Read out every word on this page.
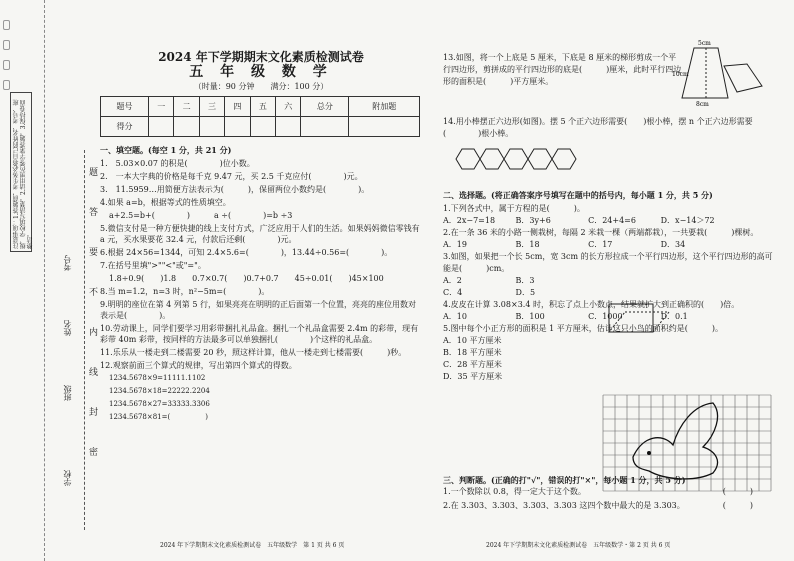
注意事项：1.答题前，考生务必将自己的姓名、考号、班级、学校填写清楚。2.请用黑色签字笔答题。3.保持卷面整洁。
学校
班级
姓名
考号
题
答
要
不
内
线
封
密
2024 年下学期期末文化素质检测试卷
五 年 级 数 学
（时量：90 分钟　　满分：100 分）
题号	一	二	三	四	五	六	总分	附加题
得分								
一、填空题。(每空 1 分，共 21 分)
1.　5.03×0.07 的积是(　　　　)位小数。
2.　一本大字典的价格是每千克 9.47 元，买 2.5 千克应付(　　　　)元。
3.　11.5959…用简便方法表示为(　　　)，保留两位小数约是(　　　　)。
4.如果 a=b，根据等式的性质填空。
a+2.5=b+(　　　　)　　　a ÷(　　　　)=b ÷3
5.微信支付是一种方便快捷的线上支付方式，广泛应用于人们的生活。如果妈妈微信零钱有 a 元，买水果要花 32.4 元，付款后还剩(　　　　)元。
6.根据 24×56=1344，可知 2.4×5.6=(　　　　)，13.44÷0.56=(　　　　)。
7.在括号里填">""<"或"="。
1.8÷0.9(　　)1.8　　0.7×0.7(　　)0.7+0.7　　45÷0.01(　　)45×100
8.当 m=1.2，n=3 时，n²−5m=(　　　　)。
9.明明的座位在第 4 列第 5 行，如果亮亮在明明的正后面第一个位置，亮亮的座位用数对表示是(　　　　)。
10.劳动课上，同学们要学习用彩带捆扎礼品盒。捆扎一个礼品盒需要 2.4m 的彩带，现有彩带 40m 彩带，按同样的方法最多可以单独捆扎(　　　　)个这样的礼品盒。
11.乐乐从一楼走到二楼需要 20 秒，照这样计算，他从一楼走到七楼需要(　　　)秒。
12.观察前面三个算式的规律，写出第四个算式的得数。
1234.5678×9=11111.1102
1234.5678×18=22222.2204
1234.5678×27=33333.3306
1234.5678×81=(　　　　　)
2024 年下学期期末文化素质检测试卷　五年级数学　第 1 页 共 6 页
13.如图，将一个上底是 5 厘米，下底是 8 厘米的梯形剪成一个平行四边形，剪拼成的平行四边形的底是(　　　)厘米，此时平行四边形的面积是(　　　)平方厘米。
5cm
10cm
8cm
14.用小棒摆正六边形(如图)。摆 5 个正六边形需要(　　)根小棒，摆 n 个正六边形需要(　　　　)根小棒。
二、选择题。(将正确答案序号填写在题中的括号内，每小题 1 分，共 5 分)
1.下列各式中，属于方程的是(　　　)。
A．2x−7=18	B．3y+6	C．24+4=6	D．x−14＞72
2.在一条 36 米的小路一侧栽树，每隔 2 米栽一棵（两端都栽），一共要栽(　　　)棵树。
A．19	B．18	C．17	D．34
3.如图，如果把一个长 5cm，宽 3cm 的长方形拉成一个平行四边形，这个平行四边形的高可能是(　　　)cm。
A．2	B．3 C．4	D．5
4.皮皮在计算 3.08×3.4 时，积忘了点上小数点，结果就扩大到正确积的(　　)倍。
A．10	B．100	C．1000	D．0.1
5.图中每个小正方形的面积是 1 平方厘米，估计这只小鸟的面积约是(　　　)。
A．10 平方厘米
B．18 平方厘米
C．28 平方厘米
D．35 平方厘米
三、判断题。(正确的打"√"，错误的打"×"，每小题 1 分，共 5 分)
1.一个数除以 0.8，得一定大于这个数。	(　　　)
2.在 3.303、3.303、3.303、3.303 这四个数中最大的是 3.303。	(　　　)
2024 年下学期期末文化素质检测试卷　五年级数学・第 2 页 共 6 页
